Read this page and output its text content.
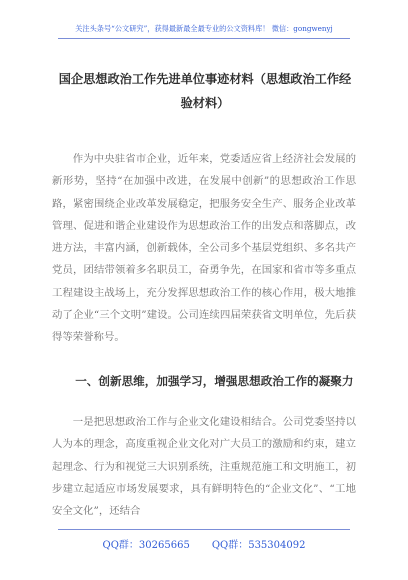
关注头条号“公文研究”，获得最新最全最专业的公文资料库！ 微信：gongwenyj
国企思想政治工作先进单位事迹材料（思想政治工作经验材料）

作为中央驻省市企业，近年来，党委适应省上经济社会发展的新形势，坚持“在加强中改进，在发展中创新”的思想政治工作思路，紧密围绕企业改革发展稳定，把服务安全生产、服务企业改革管理、促进和谐企业建设作为思想政治工作的出发点和落脚点，改进方法，丰富内涵，创新载体，全公司多个基层党组织、多名共产党员，团结带领着多名职员工，奋勇争先，在国家和省市等多重点工程建设主战场上，充分发挥思想政治工作的核心作用，极大地推动了企业“三个文明”建设。公司连续四届荣获省文明单位，先后获得等荣誉称号。

一、创新思维，加强学习，增强思想政治工作的凝聚力

一是把思想政治工作与企业文化建设相结合。公司党委坚持以人为本的理念，高度重视企业文化对广大员工的激励和约束，建立起理念、行为和视觉三大识别系统，注重规范施工和文明施工，初步建立起适应市场发展要求，具有鲜明特色的“企业文化”、“工地安全文化”，还结合

QQ群：30265665 QQ群：535304092
